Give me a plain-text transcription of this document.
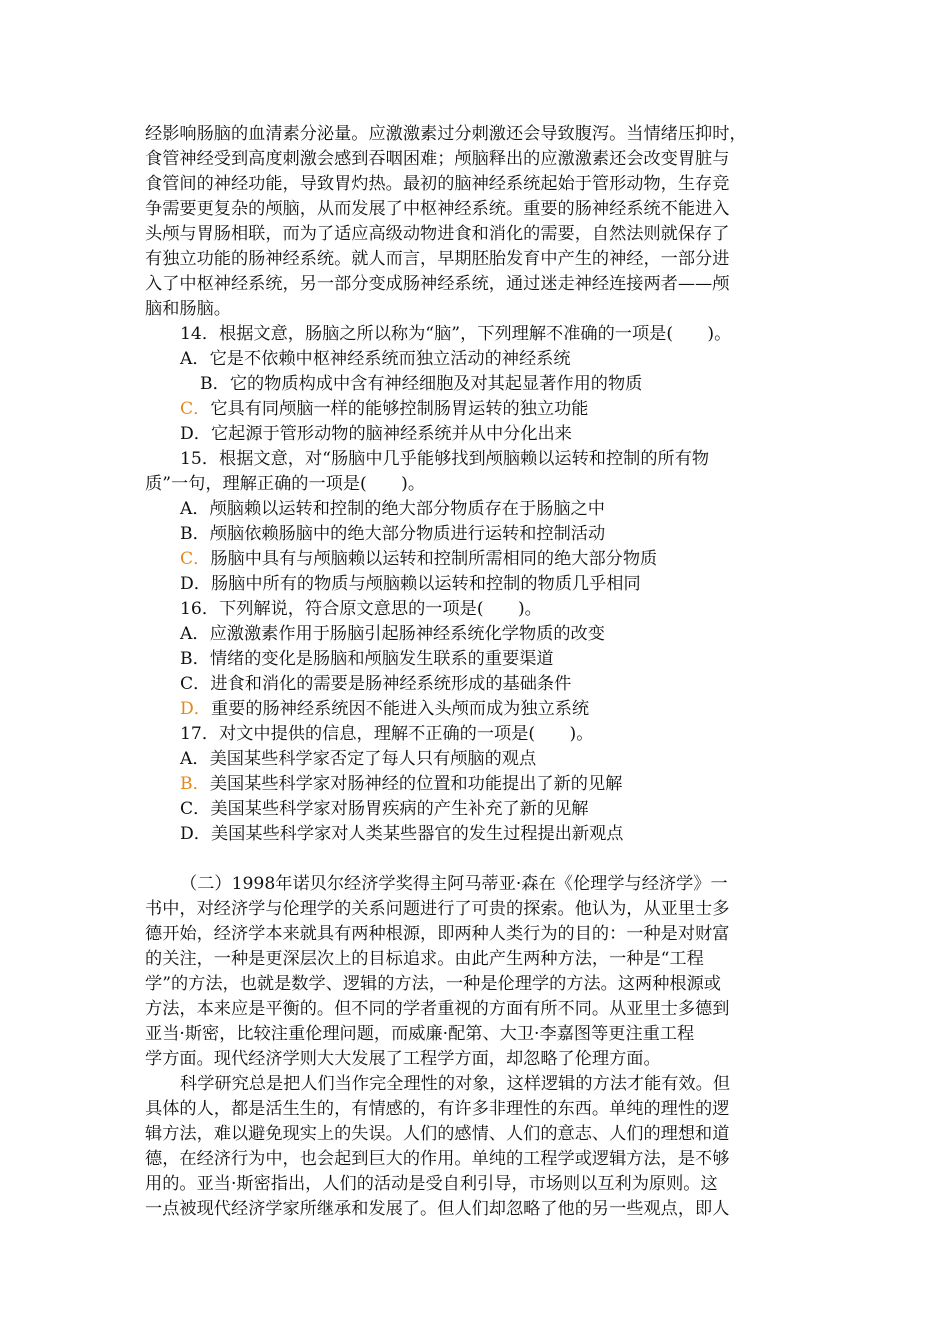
经影响肠脑的血清素分泌量。应激激素过分刺激还会导致腹泻。当情绪压抑时，
食管神经受到高度刺激会感到吞咽困难；颅脑释出的应激激素还会改变胃脏与
食管间的神经功能，导致胃灼热。最初的脑神经系统起始于管形动物，生存竞
争需要更复杂的颅脑，从而发展了中枢神经系统。重要的肠神经系统不能进入
头颅与胃肠相联，而为了适应高级动物进食和消化的需要，自然法则就保存了
有独立功能的肠神经系统。就人而言，早期胚胎发育中产生的神经，一部分进
入了中枢神经系统，另一部分变成肠神经系统，通过迷走神经连接两者——颅
脑和肠脑。
14．根据文意，肠脑之所以称为“脑”，下列理解不准确的一项是(　　)。
A．它是不依赖中枢神经系统而独立活动的神经系统
B．它的物质构成中含有神经细胞及对其起显著作用的物质
C．它具有同颅脑一样的能够控制肠胃运转的独立功能
D．它起源于管形动物的脑神经系统并从中分化出来
15．根据文意，对“肠脑中几乎能够找到颅脑赖以运转和控制的所有物
质”一句，理解正确的一项是(　　)。
A．颅脑赖以运转和控制的绝大部分物质存在于肠脑之中
B．颅脑依赖肠脑中的绝大部分物质进行运转和控制活动
C．肠脑中具有与颅脑赖以运转和控制所需相同的绝大部分物质
D．肠脑中所有的物质与颅脑赖以运转和控制的物质几乎相同
16．下列解说，符合原文意思的一项是(　　)。
A．应激激素作用于肠脑引起肠神经系统化学物质的改变
B．情绪的变化是肠脑和颅脑发生联系的重要渠道
C．进食和消化的需要是肠神经系统形成的基础条件
D．重要的肠神经系统因不能进入头颅而成为独立系统
17．对文中提供的信息，理解不正确的一项是(　　)。
A．美国某些科学家否定了每人只有颅脑的观点
B．美国某些科学家对肠神经的位置和功能提出了新的见解
C．美国某些科学家对肠胃疾病的产生补充了新的见解
D．美国某些科学家对人类某些器官的发生过程提出新观点
（二）1998年诺贝尔经济学奖得主阿马蒂亚·森在《伦理学与经济学》一
书中，对经济学与伦理学的关系问题进行了可贵的探索。他认为，从亚里士多
德开始，经济学本来就具有两种根源，即两种人类行为的目的：一种是对财富
的关注，一种是更深层次上的目标追求。由此产生两种方法，一种是“工程
学”的方法，也就是数学、逻辑的方法，一种是伦理学的方法。这两种根源或
方法，本来应是平衡的。但不同的学者重视的方面有所不同。从亚里士多德到
亚当·斯密，比较注重伦理问题，而威廉·配第、大卫·李嘉图等更注重工程
学方面。现代经济学则大大发展了工程学方面，却忽略了伦理方面。
科学研究总是把人们当作完全理性的对象，这样逻辑的方法才能有效。但
具体的人，都是活生生的，有情感的，有许多非理性的东西。单纯的理性的逻
辑方法，难以避免现实上的失误。人们的感情、人们的意志、人们的理想和道
德，在经济行为中，也会起到巨大的作用。单纯的工程学或逻辑方法，是不够
用的。亚当·斯密指出，人们的活动是受自利引导，市场则以互利为原则。这
一点被现代经济学家所继承和发展了。但人们却忽略了他的另一些观点，即人
